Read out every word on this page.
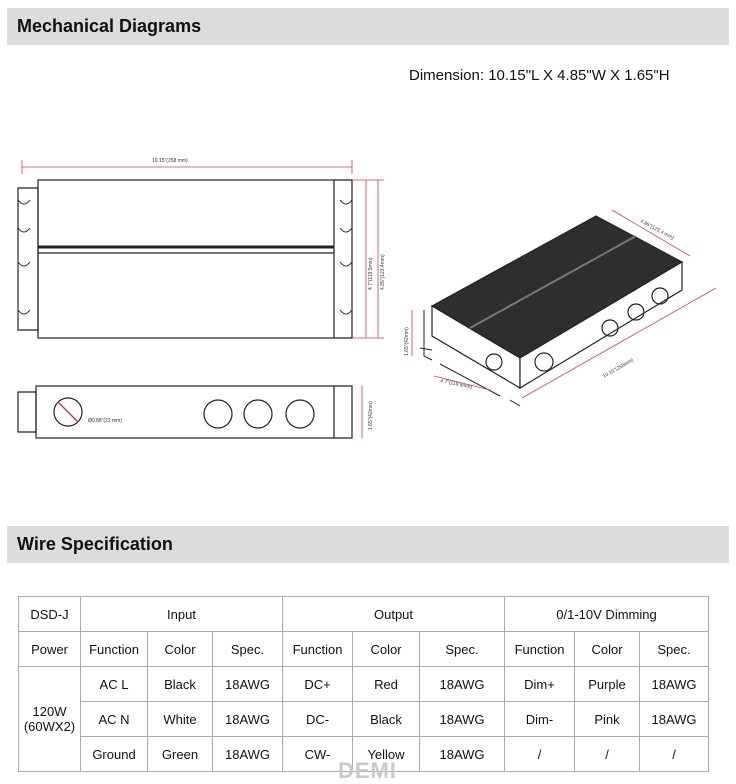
Mechanical Diagrams
Dimension: 10.15"L X 4.85"W X 1.65"H
10.15"(258 mm)
4.7"(119.5mm) 4.85"(123.4mm)
Ø0.88"(22 mm)	1.65"(42mm)
4.85"(123.4 mm)
10.15"(258mm)
1.65"(42mm)
4.7"(119.5mm)
Wire Specification
DSD-J	Input			Output			0/1-10V Dimming		
Power	Function	Color	Spec.	Function	Color	Spec.	Function	Color	Spec.

120W
(60WX2)	AC L	Black	18AWG	DC+	Red	18AWG	Dim+	Purple	18AWG
	AC N	White	18AWG	DC-	Black	18AWG	Dim-	Pink	18AWG
	Ground	Green	18AWG	CW-	Yellow	18AWG	/	/	/
DEMI
